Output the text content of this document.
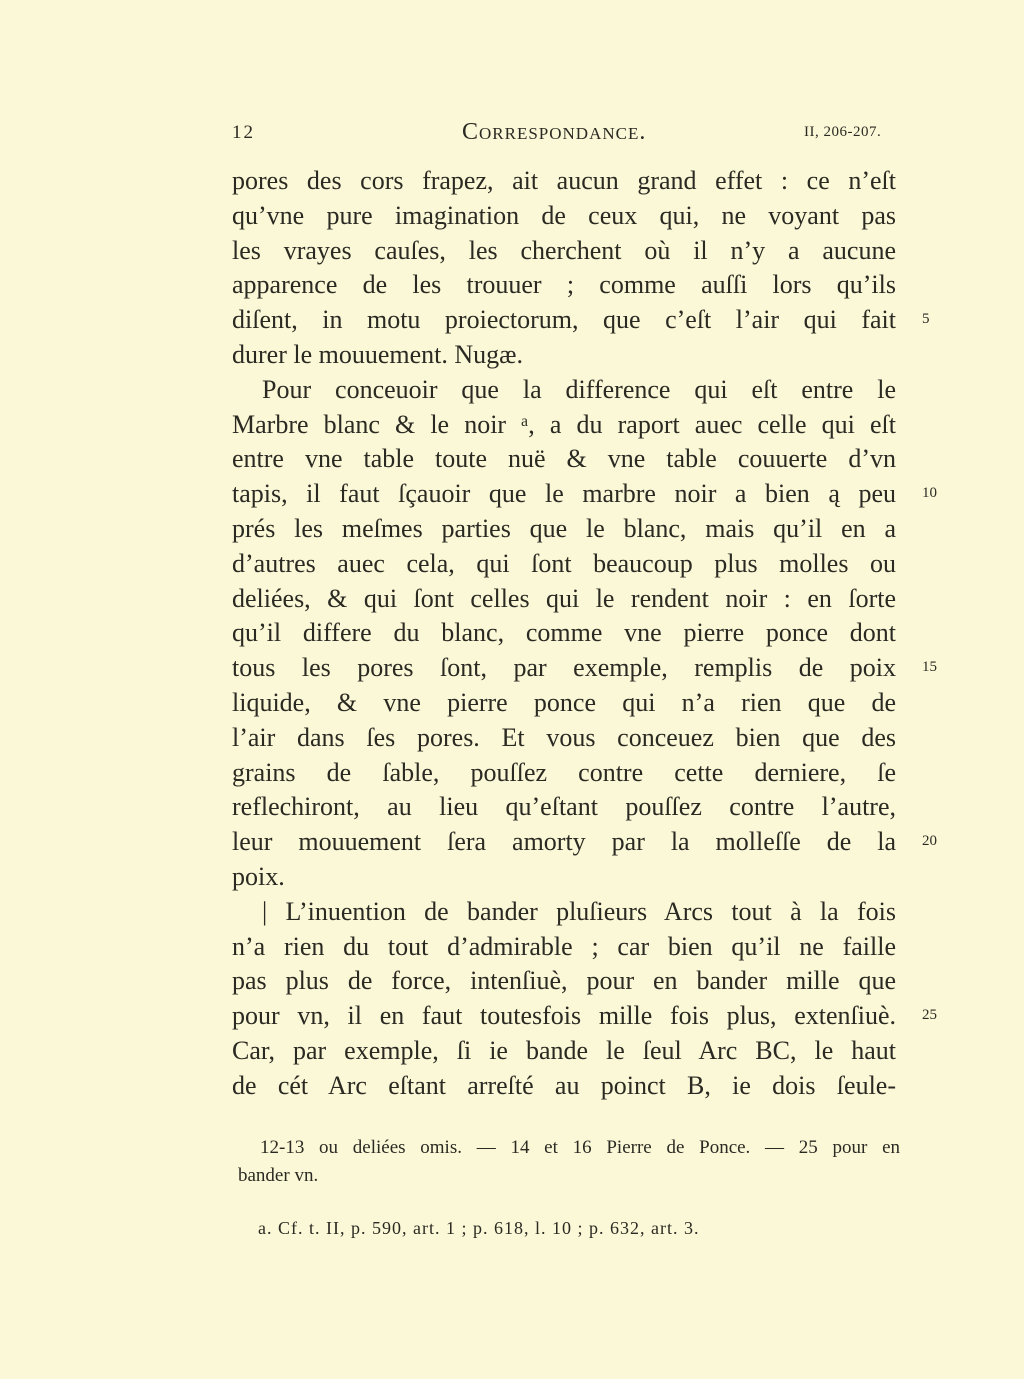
12	Correspondance.	II, 206-207.
pores des cors frapez, ait aucun grand effet : ce n’eſt
qu’vne pure imagination de ceux qui, ne voyant pas
les vrayes cauſes, les cherchent où il n’y a aucune
apparence de les trouuer ; comme auſſi lors qu’ils
diſent, in motu proiectorum, que c’eſt l’air qui fait
durer le mouuement. Nugæ.
Pour conceuoir que la difference qui eſt entre le
Marbre blanc & le noir ᵃ, a du raport auec celle qui eſt
entre vne table toute nuë & vne table couuerte d’vn
tapis, il faut ſçauoir que le marbre noir a bien ą peu
prés les meſmes parties que le blanc, mais qu’il en a
d’autres auec cela, qui ſont beaucoup plus molles ou
deliées, & qui ſont celles qui le rendent noir : en ſorte
qu’il differe du blanc, comme vne pierre ponce dont
tous les pores ſont, par exemple, remplis de poix
liquide, & vne pierre ponce qui n’a rien que de
l’air dans ſes pores. Et vous conceuez bien que des
grains de ſable, pouſſez contre cette derniere, ſe
reflechiront, au lieu qu’eſtant pouſſez contre l’autre,
leur mouuement ſera amorty par la molleſſe de la
poix.
| L’inuention de bander pluſieurs Arcs tout à la fois
n’a rien du tout d’admirable ; car bien qu’il ne faille
pas plus de force, intenſiuè, pour en bander mille que
pour vn, il en faut toutesfois mille fois plus, extenſiuè.
Car, par exemple, ſi ie bande le ſeul Arc BC, le haut
de cét Arc eſtant arreſté au poinct B, ie dois ſeule-
5
10
15
20
25
12-13 ou deliées omis. — 14 et 16 Pierre de Ponce. — 25 pour en
bander vn.
a. Cf. t. II, p. 590, art. 1 ; p. 618, l. 10 ; p. 632, art. 3.
